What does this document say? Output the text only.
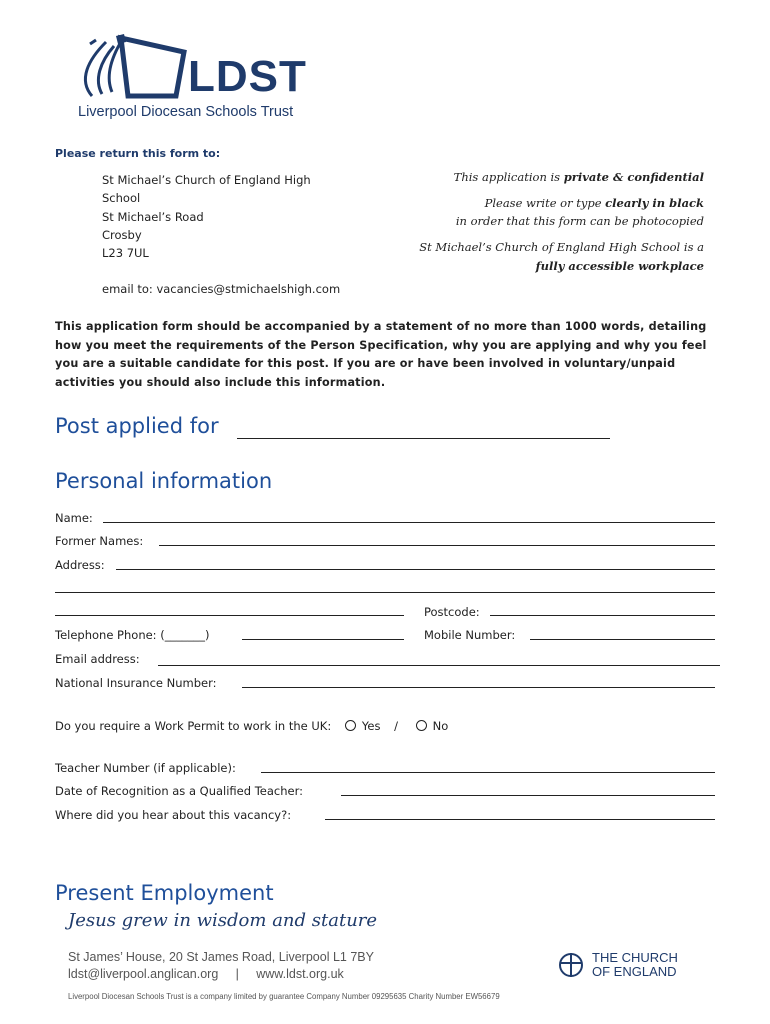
LDST
Liverpool Diocesan Schools Trust
Please return this form to:
St Michael’s Church of England High
School
St Michael’s Road
Crosby
L23 7UL
email to: vacancies@stmichaelshigh.com
This application is private & confidential
Please write or type clearly in black
in order that this form can be photocopied
St Michael’s Church of England High School is a
fully accessible workplace
This application form should be accompanied by a statement of no more than 1000 words, detailing how you meet the requirements of the Person Specification, why you are applying and why you feel you are a suitable candidate for this post. If you are or have been involved in voluntary/unpaid activities you should also include this information.
Post applied for
Personal information
Name:
Former Names:
Address:
Postcode:
Telephone Phone: (_______)	Mobile Number:
Email address:
National Insurance Number:
Do you require a Work Permit to work in the UK:	Yes /	No
Teacher Number (if applicable):
Date of Recognition as a Qualified Teacher:
Where did you hear about this vacancy?:
Present Employment
Jesus grew in wisdom and stature
St James’ House, 20 St James Road, Liverpool L1 7BY
ldst@liverpool.anglican.org     |     www.ldst.org.uk
Liverpool Diocesan Schools Trust is a company limited by guarantee Company Number 09295635 Charity Number EW56679
THE CHURCH
OF ENGLAND
